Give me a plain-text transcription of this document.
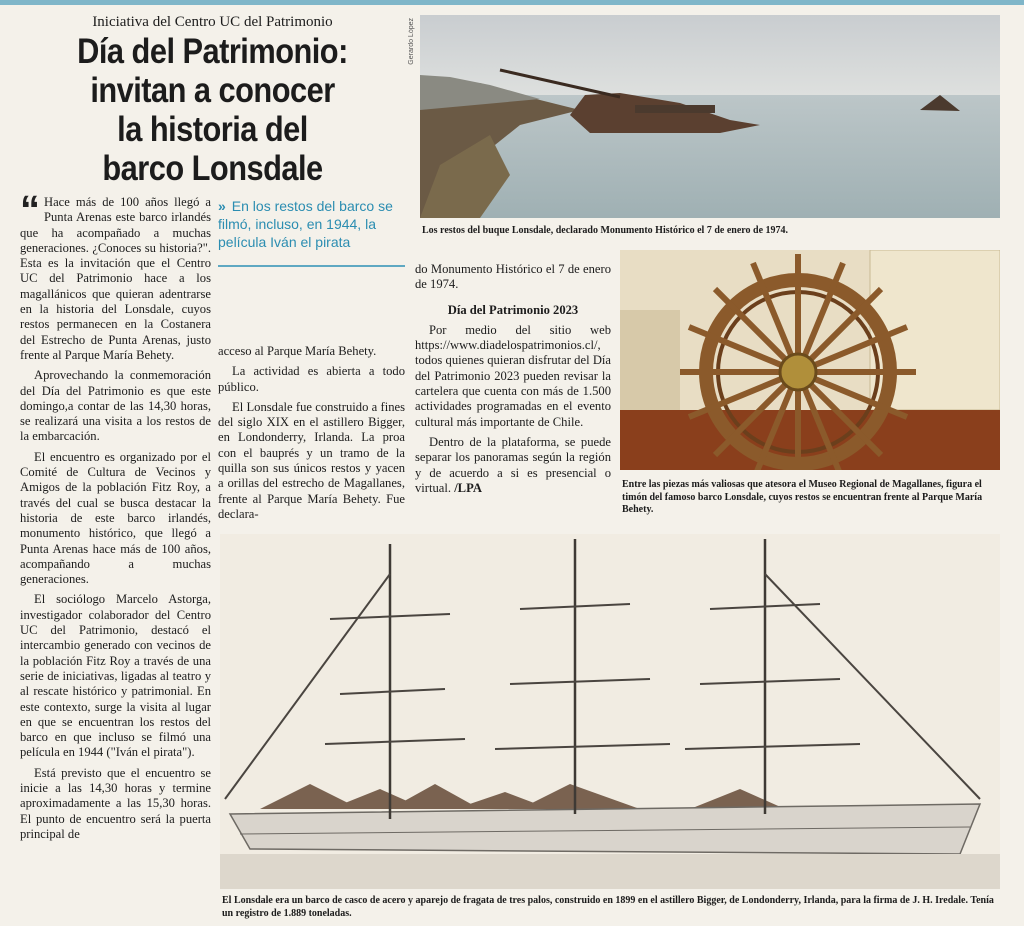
Iniciativa del Centro UC del Patrimonio
Día del Patrimonio:
invitan a conocer
la historia del
barco Lonsdale

“ Hace más de 100 años llegó a Punta Arenas este barco irlandés que ha acompañado a muchas generaciones. ¿Conoces su historia?". Esta es la invitación que el Centro UC del Patrimonio hace a los magallánicos que quieran adentrarse en la historia del Lonsdale, cuyos restos permanecen en la Costanera del Estrecho de Punta Arenas, justo frente al Parque María Behety.

Aprovechando la conmemoración del Día del Patrimonio es que este domingo,a contar de las 14,30 horas, se realizará una visita a los restos de la embarcación.

El encuentro es organizado por el Comité de Cultura de Vecinos y Amigos de la población Fitz Roy, a través del cual se busca destacar la historia de este barco irlandés, monumento histórico, que llegó a Punta Arenas hace más de 100 años, acompañando a muchas generaciones.

El sociólogo Marcelo Astorga, investigador colaborador del Centro UC del Patrimonio, destacó el intercambio generado con vecinos de la población Fitz Roy a través de una serie de iniciativas, ligadas al teatro y al rescate histórico y patrimonial. En este contexto, surge la visita al lugar en que se encuentran los restos del barco en que incluso se filmó una película en 1944 ("Iván el pirata").

Está previsto que el encuentro se inicie a las 14,30 horas y termine aproximadamente a las 15,30 horas. El punto de encuentro será la puerta principal de

» En los restos del barco se filmó, incluso, en 1944, la película Iván el pirata

acceso al Parque María Behety.

La actividad es abierta a todo público.

El Lonsdale fue construido a fines del siglo XIX en el astillero Bigger, en Londonderry, Irlanda. La proa con el bauprés y un tramo de la quilla son sus únicos restos y yacen a orillas del estrecho de Magallanes, frente al Parque María Behety. Fue declara-

do Monumento Histórico el 7 de enero de 1974.

Día del Patrimonio 2023

Por medio del sitio web https://www.diadelospatrimonios.cl/, todos quienes quieran disfrutar del Día del Patrimonio 2023 pueden revisar la cartelera que cuenta con más de 1.500 actividades programadas en el evento cultural más importante de Chile.

Dentro de la plataforma, se puede separar los panoramas según la región y de acuerdo a si es presencial o virtual. /LPA

Gerardo López
Los restos del buque Lonsdale, declarado Monumento Histórico el 7 de enero de 1974.
Entre las piezas más valiosas que atesora el Museo Regional de Magallanes, figura el timón del famoso barco Lonsdale, cuyos restos se encuentran frente al Parque María Behety.
El Lonsdale era un barco de casco de acero y aparejo de fragata de tres palos, construido en 1899 en el astillero Bigger, de Londonderry, Irlanda, para la firma de J. H. Iredale. Tenía un registro de 1.889 toneladas.
